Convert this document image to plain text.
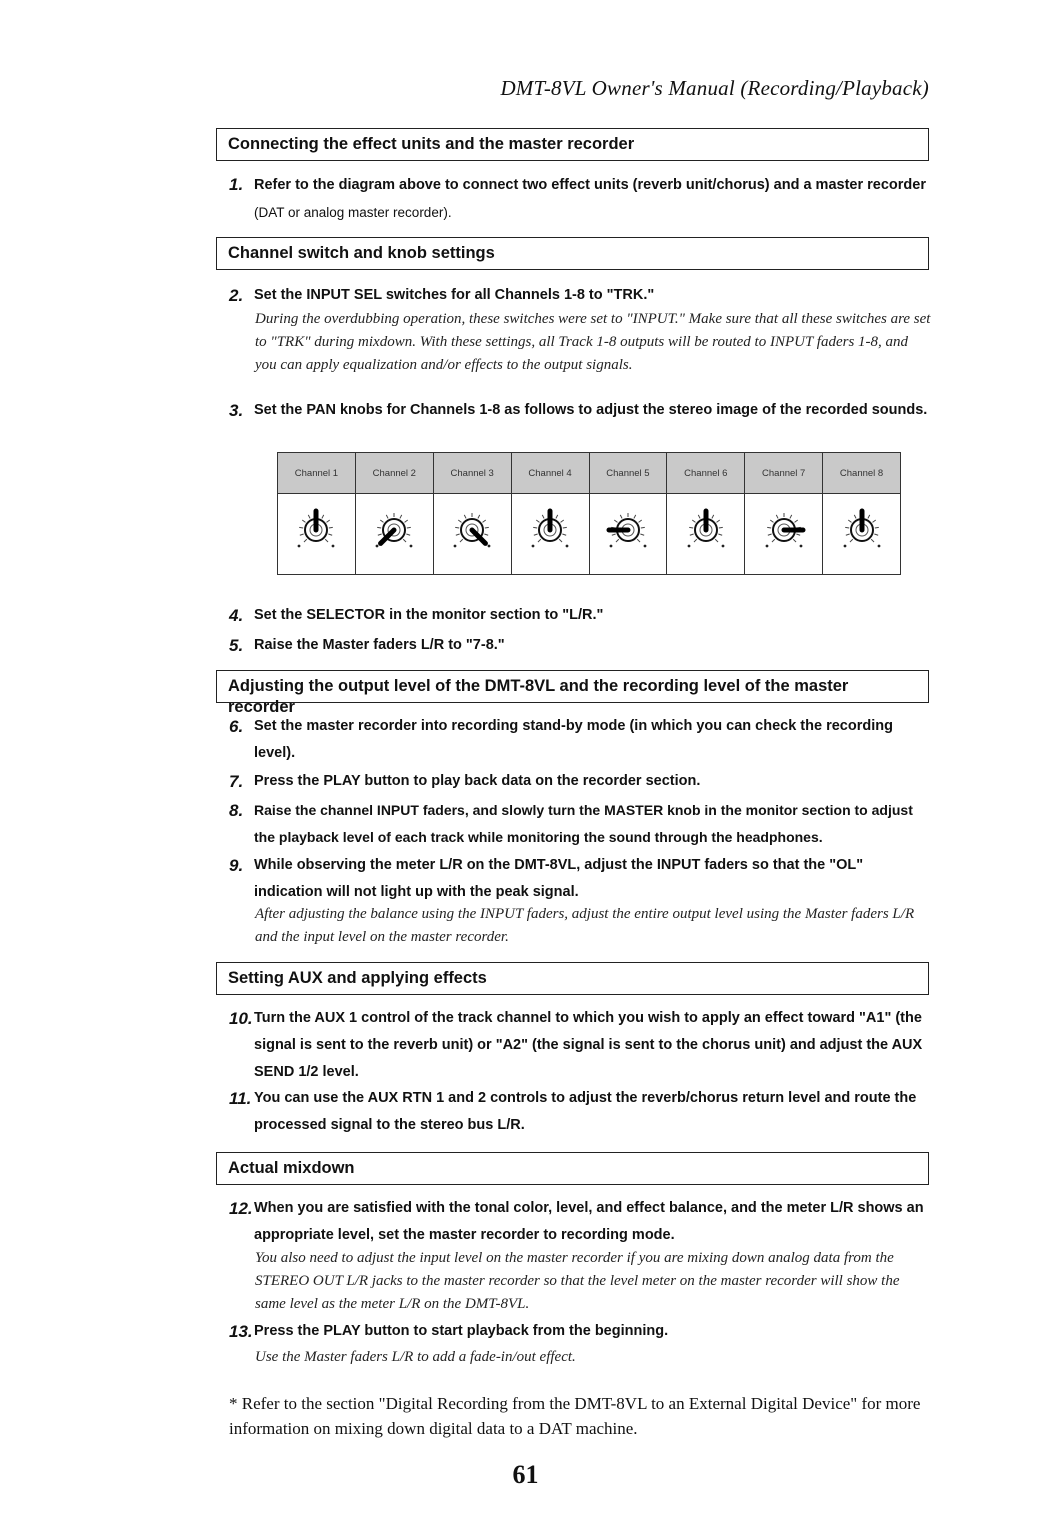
DMT-8VL Owner's Manual (Recording/Playback)
Connecting the effect units and the master recorder
1. Refer to the diagram above to connect two effect units (reverb unit/chorus) and a master recorder (DAT or analog master recorder).
Channel switch and knob settings
2. Set the INPUT SEL switches for all Channels 1-8 to "TRK."
During the overdubbing operation, these switches were set to "INPUT." Make sure that all these switches are set to "TRK" during mixdown. With these settings, all Track 1-8 outputs will be routed to INPUT faders 1-8, and you can apply equalization and/or effects to the output signals.
3. Set the PAN knobs for Channels 1-8 as follows to adjust the stereo image of the recorded sounds.
Channel 1	Channel 2	Channel 3	Channel 4	Channel 5	Channel 6	Channel 7	Channel 8

4. Set the SELECTOR in the monitor section to "L/R."
5. Raise the Master faders L/R to "7-8."
Adjusting the output level of the DMT-8VL and the recording level of the master recorder
6. Set the master recorder into recording stand-by mode (in which you can check the recording level).
7. Press the PLAY button to play back data on the recorder section.
8. Raise the channel INPUT faders, and slowly turn the MASTER knob in the monitor section to adjust the playback level of each track while monitoring the sound through the headphones.
9. While observing the meter L/R on the DMT-8VL, adjust the INPUT faders so that the "OL" indication will not light up with the peak signal.
After adjusting the balance using the INPUT faders, adjust the entire output level using the Master faders L/R and the input level on the master recorder.
Setting AUX and applying effects
10. Turn the AUX 1 control of the track channel to which you wish to apply an effect toward "A1" (the signal is sent to the reverb unit) or "A2" (the signal is sent to the chorus unit) and adjust the AUX SEND 1/2 level.
11. You can use the AUX RTN 1 and 2 controls to adjust the reverb/chorus return level and route the processed signal to the stereo bus L/R.
Actual mixdown
12. When you are satisfied with the tonal color, level, and effect balance, and the meter L/R shows an appropriate level, set the master recorder to recording mode.
You also need to adjust the input level on the master recorder if you are mixing down analog data from the STEREO OUT L/R jacks to the master recorder so that the level meter on the master recorder will show the same level as the meter L/R on the DMT-8VL.
13. Press the PLAY button to start playback from the beginning.
Use the Master faders L/R to add a fade-in/out effect.
* Refer to the section "Digital Recording from the DMT-8VL to an External Digital Device" for more information on mixing down digital data to a DAT machine.
61
